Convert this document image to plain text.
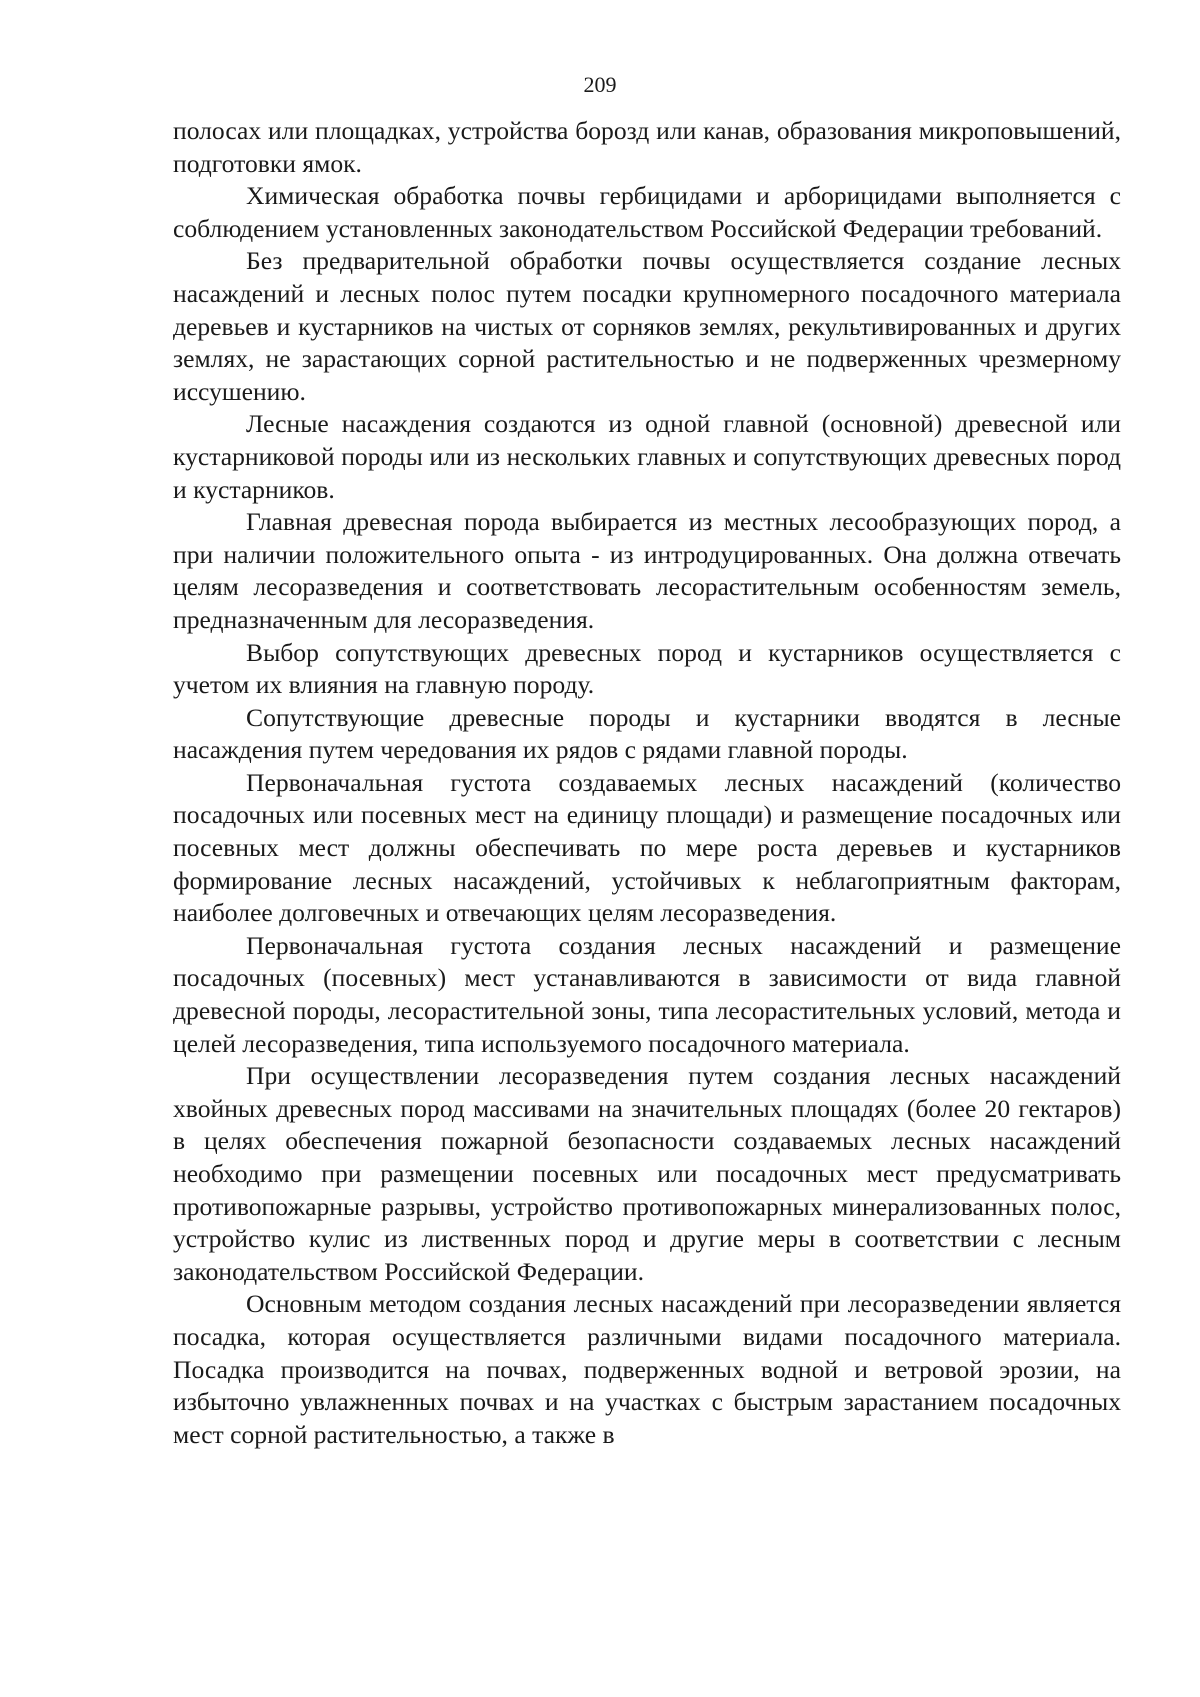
209

полосах или площадках, устройства борозд или канав, образования микроповышений, подготовки ямок.

Химическая обработка почвы гербицидами и арборицидами выполняется с соблюдением установленных законодательством Российской Федерации требований.

Без предварительной обработки почвы осуществляется создание лесных насаждений и лесных полос путем посадки крупномерного посадочного материала деревьев и кустарников на чистых от сорняков землях, рекультивированных и других землях, не зарастающих сорной растительностью и не подверженных чрезмерному иссушению.

Лесные насаждения создаются из одной главной (основной) древесной или кустарниковой породы или из нескольких главных и сопутствующих древесных пород и кустарников.

Главная древесная порода выбирается из местных лесообразующих пород, а при наличии положительного опыта - из интродуцированных. Она должна отвечать целям лесоразведения и соответствовать лесорастительным особенностям земель, предназначенным для лесоразведения.

Выбор сопутствующих древесных пород и кустарников осуществляется с учетом их влияния на главную породу.

Сопутствующие древесные породы и кустарники вводятся в лесные насаждения путем чередования их рядов с рядами главной породы.

Первоначальная густота создаваемых лесных насаждений (количество посадочных или посевных мест на единицу площади) и размещение посадочных или посевных мест должны обеспечивать по мере роста деревьев и кустарников формирование лесных насаждений, устойчивых к неблагоприятным факторам, наиболее долговечных и отвечающих целям лесоразведения.

Первоначальная густота создания лесных насаждений и размещение посадочных (посевных) мест устанавливаются в зависимости от вида главной древесной породы, лесорастительной зоны, типа лесорастительных условий, метода и целей лесоразведения, типа используемого посадочного материала.

При осуществлении лесоразведения путем создания лесных насаждений хвойных древесных пород массивами на значительных площадях (более 20 гектаров) в целях обеспечения пожарной безопасности создаваемых лесных насаждений необходимо при размещении посевных или посадочных мест предусматривать противопожарные разрывы, устройство противопожарных минерализованных полос, устройство кулис из лиственных пород и другие меры в соответствии с лесным законодательством Российской Федерации.

Основным методом создания лесных насаждений при лесоразведении является посадка, которая осуществляется различными видами посадочного материала. Посадка производится на почвах, подверженных водной и ветровой эрозии, на избыточно увлажненных почвах и на участках с быстрым зарастанием посадочных мест сорной растительностью, а также в
